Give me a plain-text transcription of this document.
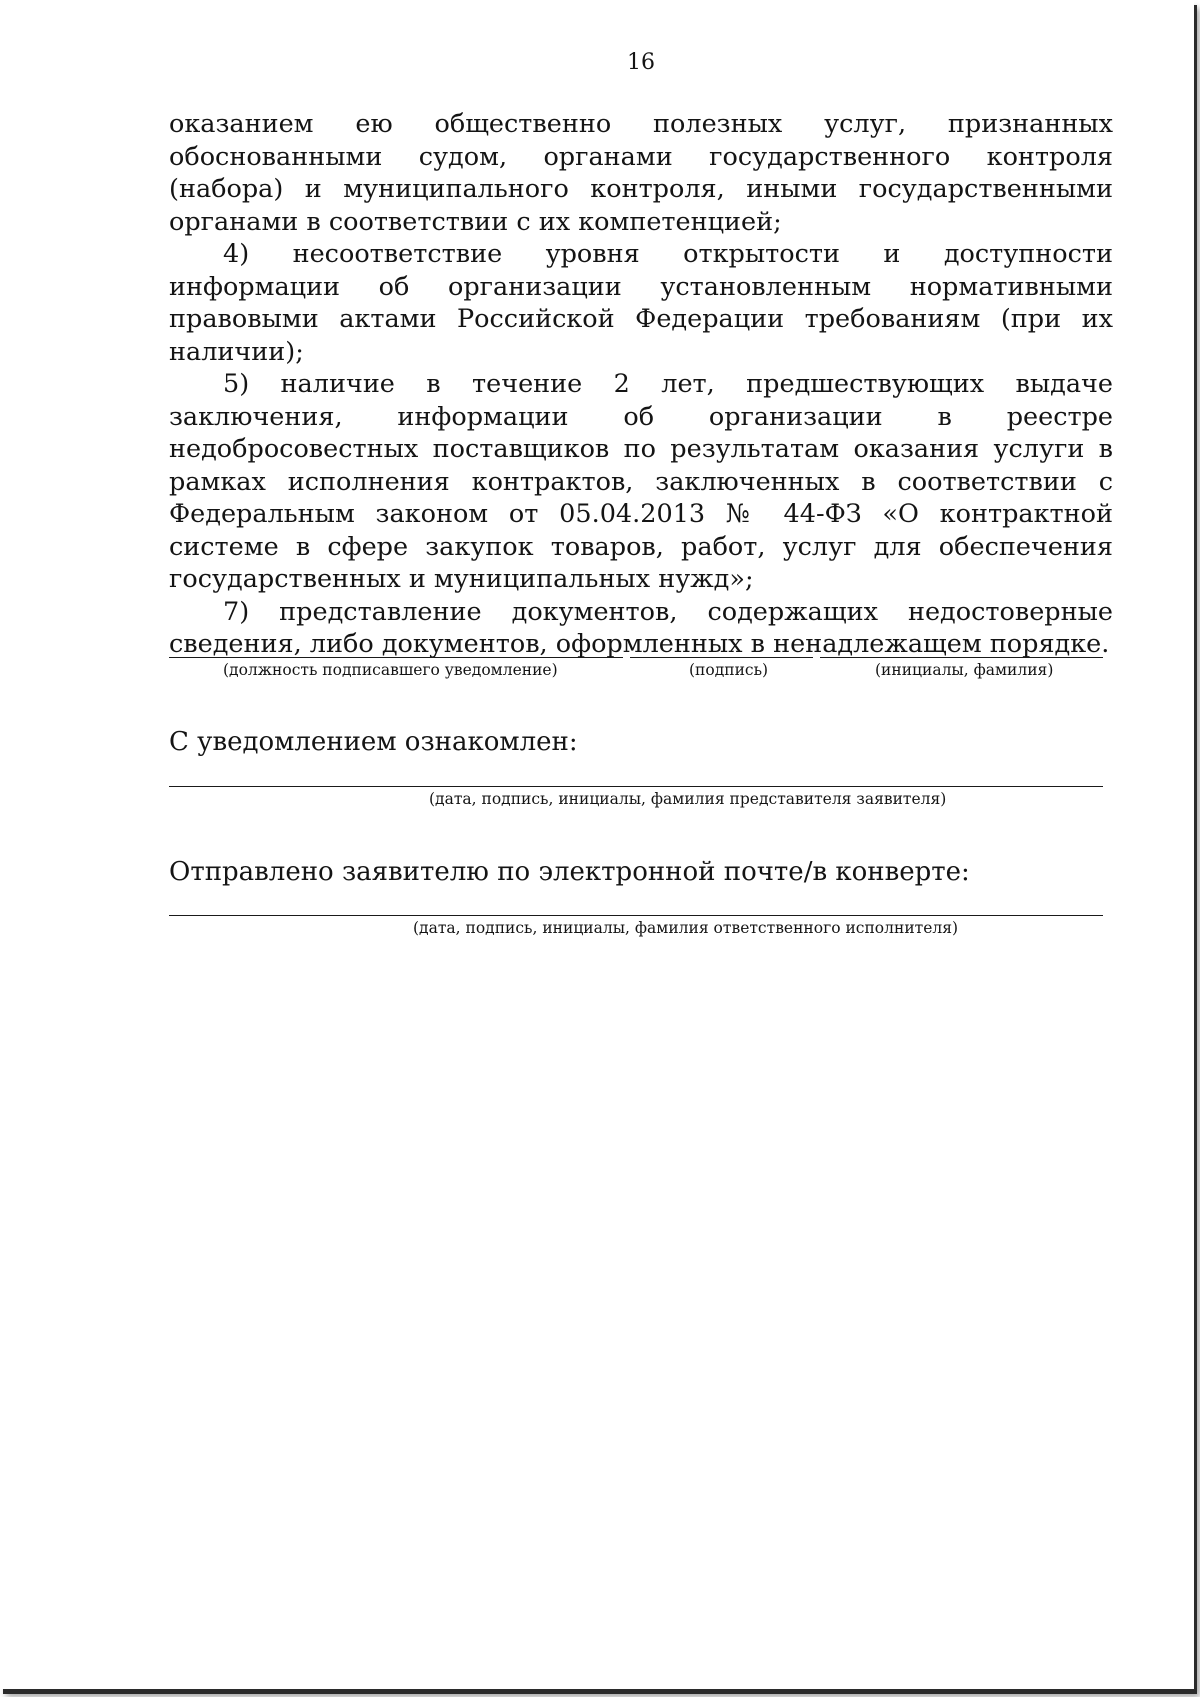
16

оказанием ею общественно полезных услуг, признанных обоснованными судом, органами государственного контроля (набора) и муниципального контроля, иными государственными органами в соответствии с их компетенцией;

4) несоответствие уровня открытости и доступности информации об организации установленным нормативными правовыми актами Российской Федерации требованиям (при их наличии);

5) наличие в течение 2 лет, предшествующих выдаче заключения, информации об организации в реестре недобросовестных поставщиков по результатам оказания услуги в рамках исполнения контрактов, заключенных в соответствии с Федеральным законом от 05.04.2013 № 44-ФЗ «О контрактной системе в сфере закупок товаров, работ, услуг для обеспечения государственных и муниципальных нужд»;

7) представление документов, содержащих недостоверные сведения, либо документов, оформленных в ненадлежащем порядке.

(должность подписавшего уведомление)	(подпись)	(инициалы, фамилия)
С уведомлением ознакомлен:
(дата, подпись, инициалы, фамилия представителя заявителя)
Отправлено заявителю по электронной почте/в конверте:
(дата, подпись, инициалы, фамилия ответственного исполнителя)
